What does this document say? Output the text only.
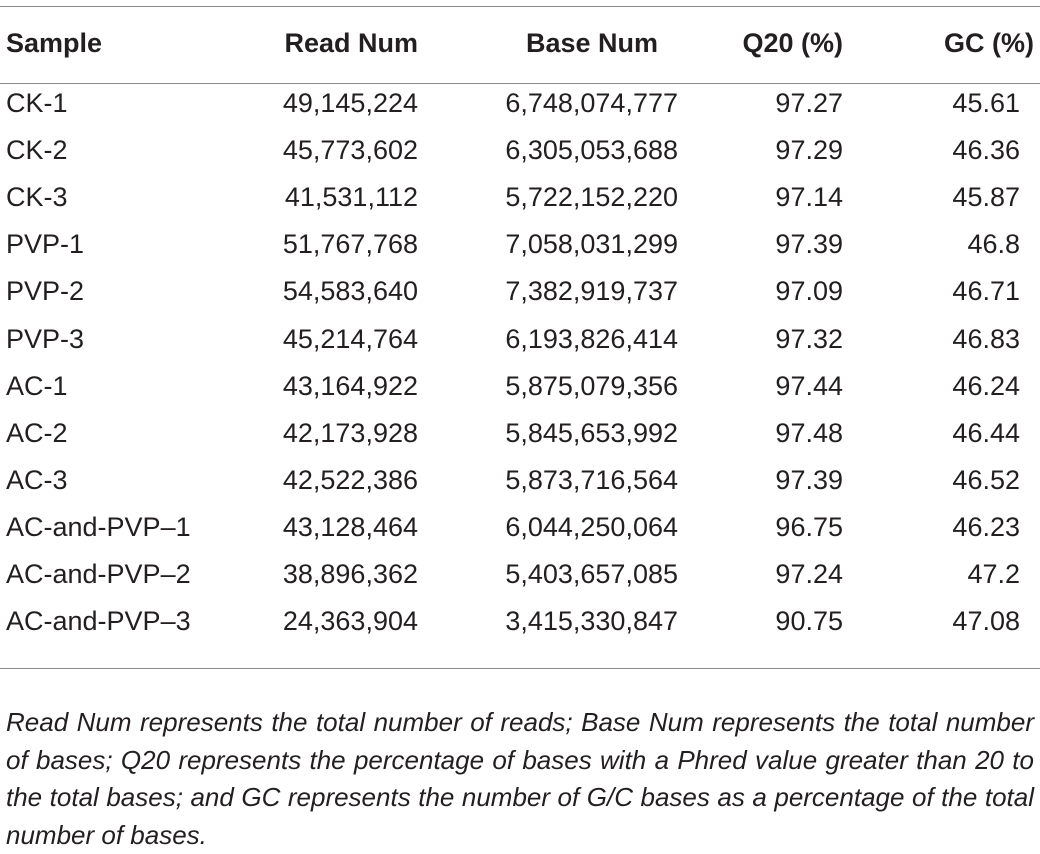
Sample	Read Num	Base Num	Q20 (%)	GC (%)

CK-1	49,145,224	6,748,074,777	97.27	45.61
CK-2	45,773,602	6,305,053,688	97.29	46.36
CK-3	41,531,112	5,722,152,220	97.14	45.87
PVP-1	51,767,768	7,058,031,299	97.39	46.8
PVP-2	54,583,640	7,382,919,737	97.09	46.71
PVP-3	45,214,764	6,193,826,414	97.32	46.83
AC-1	43,164,922	5,875,079,356	97.44	46.24
AC-2	42,173,928	5,845,653,992	97.48	46.44
AC-3	42,522,386	5,873,716,564	97.39	46.52
AC-and-PVP–1	43,128,464	6,044,250,064	96.75	46.23
AC-and-PVP–2	38,896,362	5,403,657,085	97.24	47.2
AC-and-PVP–3	24,363,904	3,415,330,847	90.75	47.08

Read Num represents the total number of reads; Base Num represents the total number of bases; Q20 represents the percentage of bases with a Phred value greater than 20 to the total bases; and GC represents the number of G/C bases as a percentage of the total number of bases.
